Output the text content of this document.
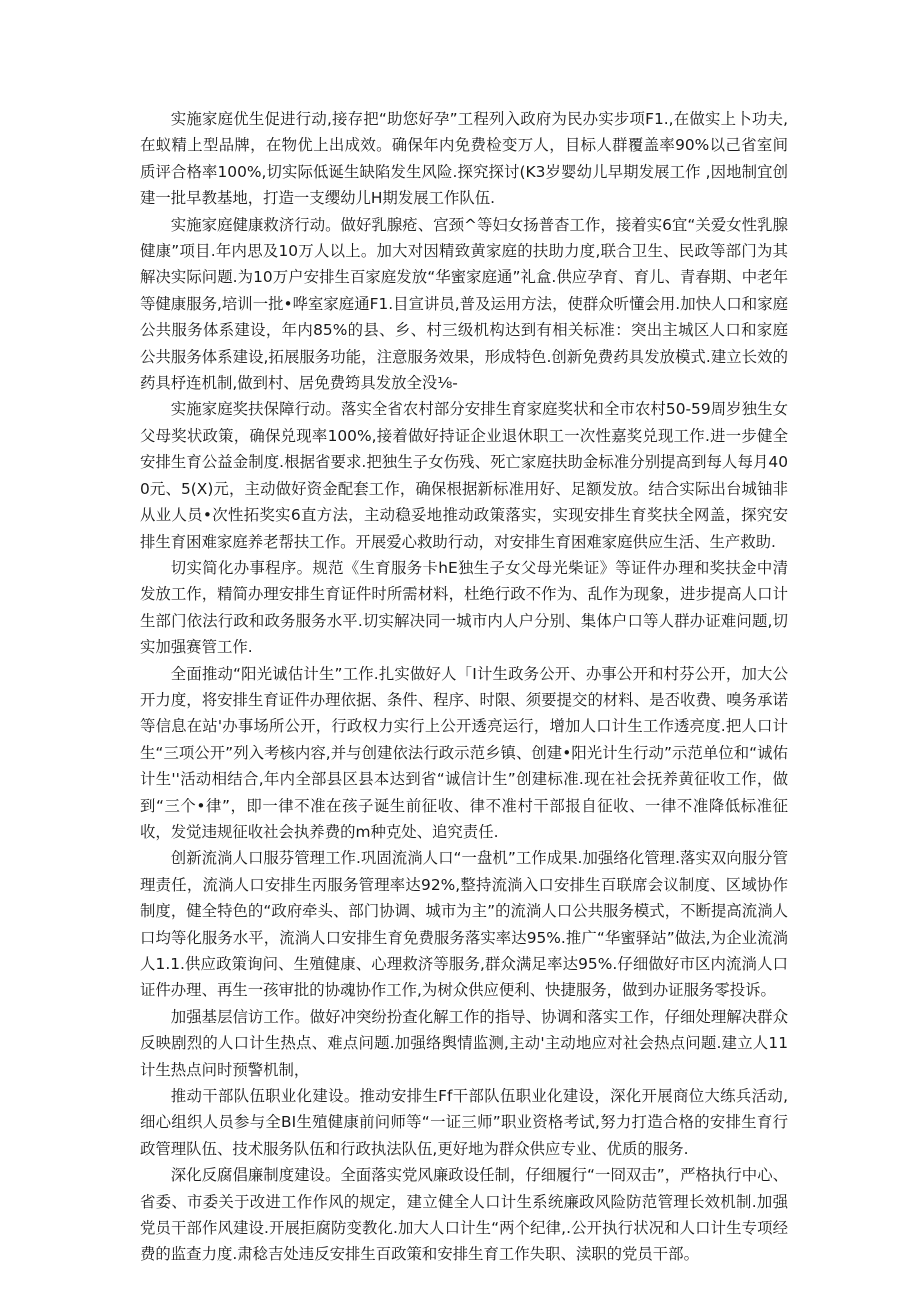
实施家庭优生促进行动,接存把“助您好孕”工程列入政府为民办实步项F1.,在做实上卜功夫,在蚁精上型品牌，在物优上出成效。确保年内免费检变万人，目标人群覆盖率90%以己省室间质评合格率100%,切实际低诞生缺陷发生风险.探究探讨(K3岁婴幼儿早期发展工作 ,因地制宜创建一批早教基地，打造一支缨幼儿H期发展工作队伍.

实施家庭健康救济行动。做好乳腺疮、宫颈^等妇女扬普杳工作，接着实6宜“关爱女性乳腺健康”项目.年内思及10万人以上。加大对因精致黄家庭的扶助力度,联合卫生、民政等部门为其解决实际问题.为10万户安排生百家庭发放“华蜜家庭通”礼盒.供应孕育、育儿、青春期、中老年等健康服务,培训一批•哗室家庭通F1.目宣讲员,普及运用方法，使群众听懂会用.加快人口和家庭公共服务体系建设，年内85%的县、乡、村三级机构达到有相关标准：突出主城区人口和家庭公共服务体系建设,拓展服务功能，注意服务效果，形成特色.创新免费药具发放模式.建立长效的药具杼连机制,做到村、居免费筠具发放全没⅛-

实施家庭奖扶保障行动。落实全省农村部分安排生育家庭奖状和全市农村50-59周岁独生女父母奖状政策，确保兑现率100%,接着做好持证企业退休职工一次性嘉奖兑现工作.进一步健全安排生育公益金制度.根据省要求.把独生子女伤残、死亡家庭扶助金标准分别提高到每人每月400元、5(X)元，主动做好资金配套工作，确保根据新标准用好、足额发放。结合实际出台城铀非从业人员•次性拓奖实6直方法，主动稳妥地推动政策落实，实现安排生育奖扶全网盖，探究安排生育困难家庭养老帮扶工作。开展爱心救助行动，对安排生育困难家庭供应生活、生产救助.

切实简化办事程序。规范《生育服务卡hE独生子女父母光柴证》等证件办理和奖扶金中清发放工作，精简办理安排生育证件时所需材料，杜绝行政不作为、乱作为现象，进步提高人口计生部门依法行政和政务服务水平.切实解决同一城市内人户分别、集体户口等人群办证难问题,切实加强赛管工作.

全面推动“阳光诚估计生”工作.扎实做好人「I计生政务公开、办事公开和村芬公开，加大公开力度，将安排生育证件办理依据、条件、程序、时限、须要提交的材料、是否收费、嗅务承诺等信息在站'办事场所公开，行政权力实行上公开透亮运行，增加人口计生工作透亮度.把人口计生“三项公开”列入考核内容,并与创建依法行政示范乡镇、创建•阳光计生行动”示范单位和“诚佑计生''活动相结合,年内全部县区县本达到省“诚信计生”创建标准.现在社会抚养黄征收工作，做到“三个•律”，即一律不准在孩子诞生前征收、律不准村干部报自征收、一律不准降低标准征收，发觉违规征收社会执养费的m种克处、追究责任.

创新流淌人口服芬管理工作.巩固流淌人口“一盘机”工作成果.加强络化管理.落实双向服分管理责任，流淌人口安排生丙服务管理率达92%,整持流淌入口安排生百联席会议制度、区域协作制度，健全特色的“政府牵头、部门协调、城市为主”的流淌人口公共服务模式，不断提高流淌人口均等化服务水平，流淌人口安排生育免费服务落实率达95%.推广“华蜜驿站”做法,为企业流淌人1.1.供应政策询问、生殖健康、心理救济等服务,群众满足率达95%.仔细做好市区内流淌人口证件办理、再生一孩审批的协魂协作工作,为树众供应便利、快捷服务，做到办证服务零投诉。

加强基层信访工作。做好冲突纷扮查化解工作的指导、协调和落实工作，仔细处理解决群众反映剧烈的人口计生热点、难点问题.加强络舆情监测,主动'主动地应对社会热点问题.建立人11计生热点问时预警机制，

推动干部队伍职业化建设。推动安排生Ff干部队伍职业化建设，深化开展商位大练兵活动,细心组织人员参与全BI生殖健康前问师等“一证三师”职业资格考试,努力打造合格的安排生育行政管理队伍、技术服务队伍和行政执法队伍,更好地为群众供应专业、优质的服务.

深化反腐倡廉制度建设。全面落实党风廉政设任制，仔细履行“一冏双击”，严格执行中心、省委、市委关于改进工作作风的规定，建立健全人口计生系统廉政风险防范管理长效机制.加强党员干部作风建设.开展拒腐防变教化.加大人口计生“两个纪律,.公开执行状况和人口计生专项经费的监查力度.肃稔吉处违反安排生百政策和安排生育工作失职、渎职的党员干部。
